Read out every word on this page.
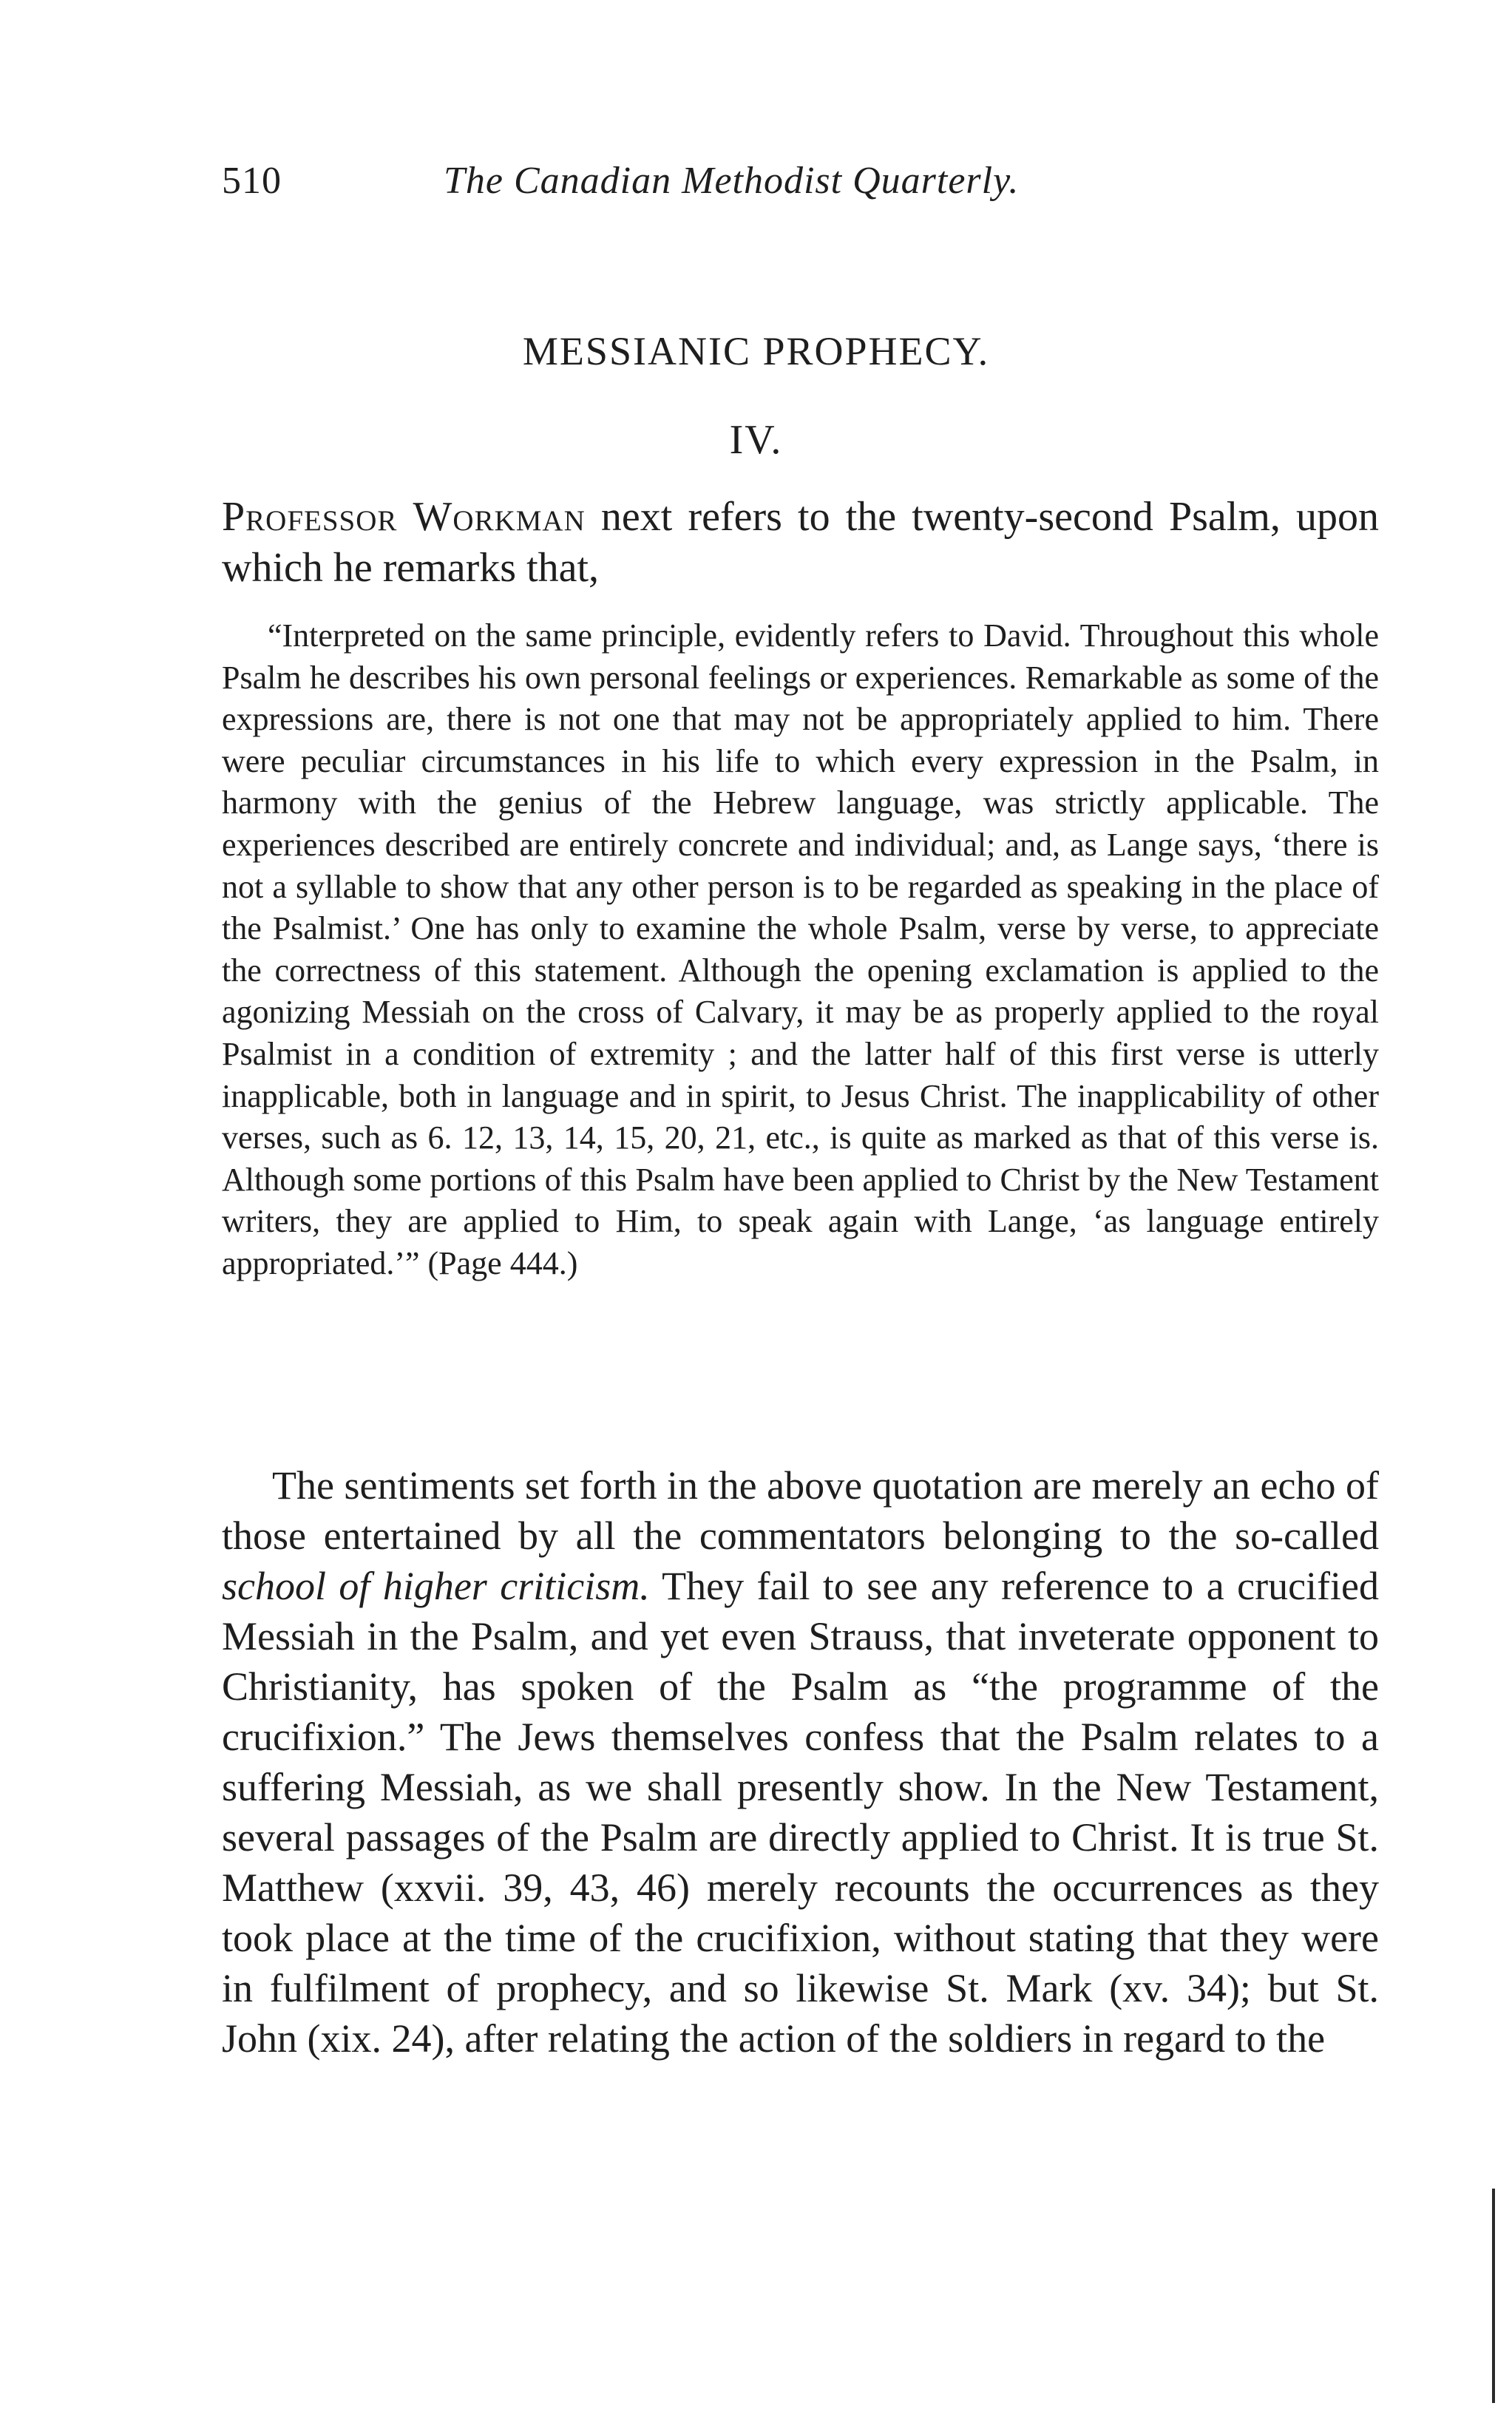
510	The Canadian Methodist Quarterly.
MESSIANIC PROPHECY.
IV.

Professor Workman next refers to the twenty-second Psalm, upon which he remarks that,

“Interpreted on the same principle, evidently refers to David. Throughout this whole Psalm he describes his own personal feelings or experiences. Remarkable as some of the expressions are, there is not one that may not be appropriately applied to him. There were peculiar circumstances in his life to which every expression in the Psalm, in harmony with the genius of the Hebrew language, was strictly applicable. The experiences described are entirely concrete and individual; and, as Lange says, ‘there is not a syllable to show that any other person is to be regarded as speaking in the place of the Psalmist.’ One has only to examine the whole Psalm, verse by verse, to appreciate the correctness of this statement. Although the opening exclamation is applied to the agonizing Messiah on the cross of Calvary, it may be as properly applied to the royal Psalmist in a condition of extremity ; and the latter half of this first verse is utterly inapplicable, both in language and in spirit, to Jesus Christ. The inapplicability of other verses, such as 6. 12, 13, 14, 15, 20, 21, etc., is quite as marked as that of this verse is. Although some portions of this Psalm have been applied to Christ by the New Testament writers, they are applied to Him, to speak again with Lange, ‘as language entirely appropriated.’” (Page 444.)

The sentiments set forth in the above quotation are merely an echo of those entertained by all the commentators belonging to the so-called school of higher criticism. They fail to see any reference to a crucified Messiah in the Psalm, and yet even Strauss, that inveterate opponent to Christianity, has spoken of the Psalm as “the programme of the crucifixion.” The Jews themselves confess that the Psalm relates to a suffering Messiah, as we shall presently show. In the New Testament, several passages of the Psalm are directly applied to Christ. It is true St. Matthew (xxvii. 39, 43, 46) merely recounts the occurrences as they took place at the time of the crucifixion, without stating that they were in fulfilment of prophecy, and so likewise St. Mark (xv. 34); but St. John (xix. 24), after relating the action of the soldiers in regard to the
